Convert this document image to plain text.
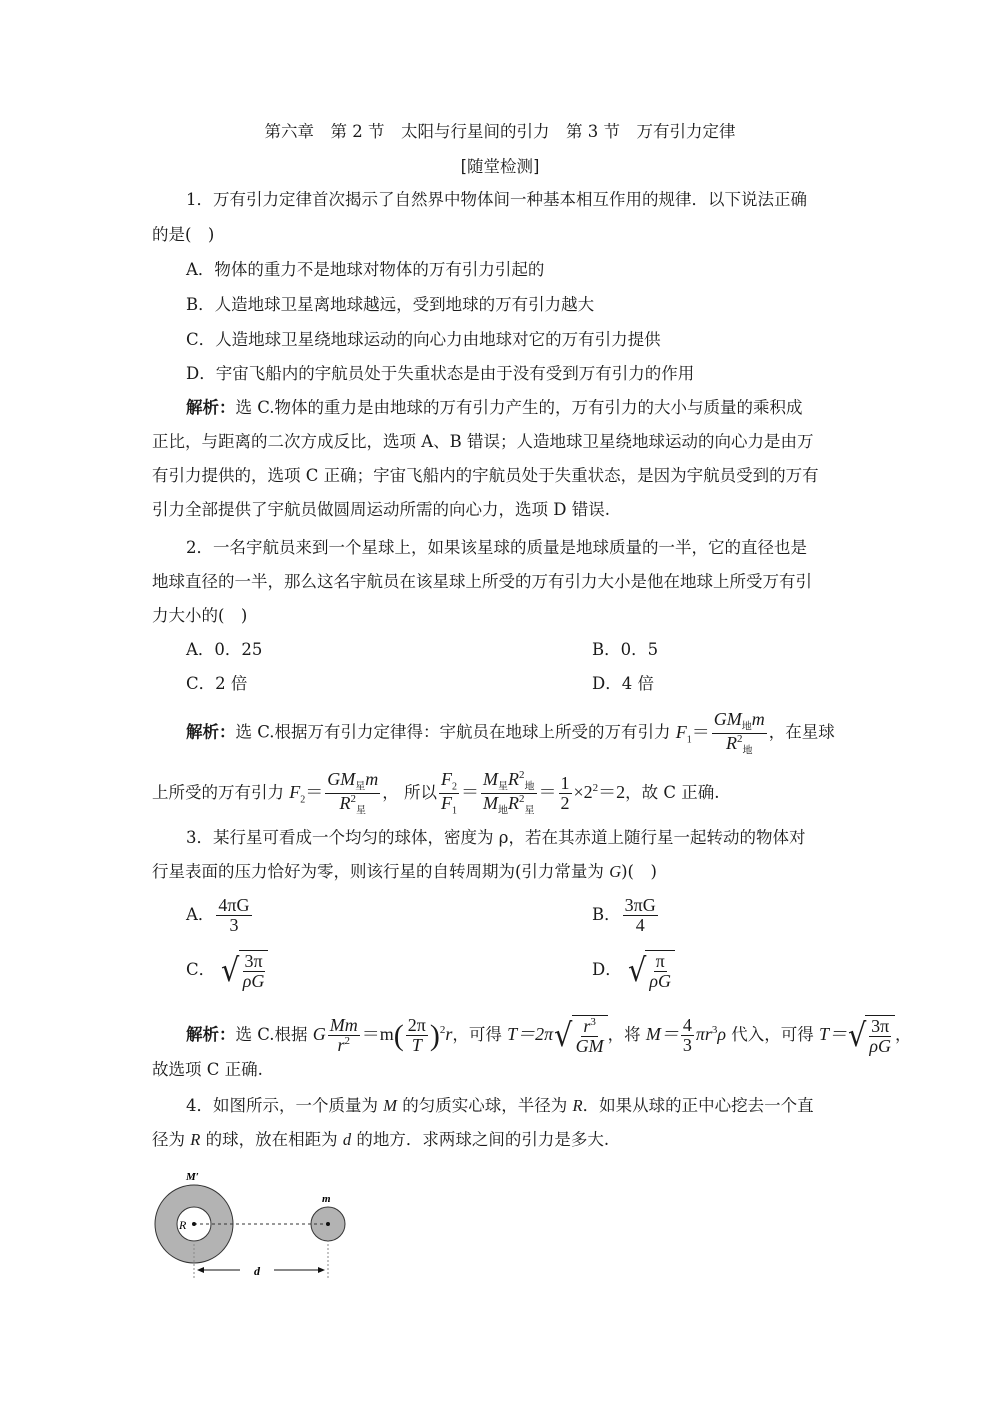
第六章　第 2 节　太阳与行星间的引力　第 3 节　万有引力定律
[随堂检测]
1．万有引力定律首次揭示了自然界中物体间一种基本相互作用的规律．以下说法正确
的是(　)
A．物体的重力不是地球对物体的万有引力引起的
B．人造地球卫星离地球越远，受到地球的万有引力越大
C．人造地球卫星绕地球运动的向心力由地球对它的万有引力提供
D．宇宙飞船内的宇航员处于失重状态是由于没有受到万有引力的作用
解析：选 C.物体的重力是由地球的万有引力产生的，万有引力的大小与质量的乘积成
正比，与距离的二次方成反比，选项 A、B 错误；人造地球卫星绕地球运动的向心力是由万
有引力提供的，选项 C 正确；宇宙飞船内的宇航员处于失重状态，是因为宇航员受到的万有
引力全部提供了宇航员做圆周运动所需的向心力，选项 D 错误.
2．一名宇航员来到一个星球上，如果该星球的质量是地球质量的一半，它的直径也是
地球直径的一半，那么这名宇航员在该星球上所受的万有引力大小是他在地球上所受万有引
力大小的(　)
A．0．25	B．0．5
C．2 倍	D．4 倍
解析：选 C.根据万有引力定律得：宇航员在地球上所受的万有引力 $F_1= \frac{GM_地m}{R^2_地}$ ，在星球
上所受的万有引力 $F_2= \frac{GM_星m}{R^2_星}$ ， 所以 $\frac{F_2}{F_1} = \frac{M_星R^2_地}{M_地R^2_星} = \frac{1}{2} \times 2^2=2$，故 C 正确.
3．某行星可看成一个均匀的球体，密度为 ρ，若在其赤道上随行星一起转动的物体对
行星表面的压力恰好为零，则该行星的自转周期为(引力常量为 G)(　)
A． $\frac{4\pi G}{3}$	B． $\frac{3\pi G}{4}$
C． √ $\frac{3\pi}{\rho G}$	D． √ $\frac{\pi}{\rho G}$
解析：选 C.根据 G $\frac{Mm}{r^2} =m( \frac{2\pi}{T} )^2r$，可得 T＝2π √ $\frac{r^3}{GM}$ ，将 $M= \frac{4}{3} \pi r^3\rho$ 代入，可得 T＝ √ $\frac{3\pi}{\rho G}$ ，
故选项 C 正确.
4．如图所示，一个质量为 M 的匀质实心球，半径为 R．如果从球的正中心挖去一个直
径为 R 的球，放在相距为 d 的地方．求两球之间的引力是多大.
M′
m
R
d
